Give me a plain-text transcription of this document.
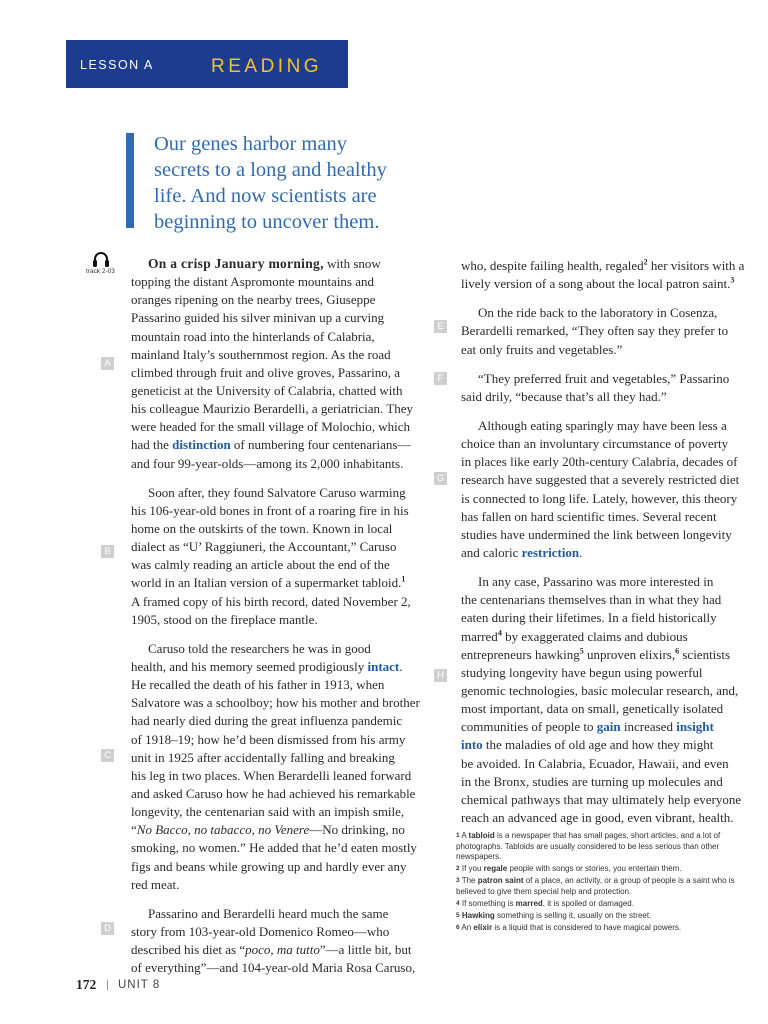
LESSON A	READING
Our genes harbor many
secrets to a long and healthy
life. And now scientists are
beginning to uncover them.
track 2-03
A
B
C
D
E
F
G
H
On a crisp January morning, with snow
topping the distant Aspromonte mountains and
oranges ripening on the nearby trees, Giuseppe
Passarino guided his silver minivan up a curving
mountain road into the hinterlands of Calabria,
mainland Italy’s southernmost region. As the road
climbed through fruit and olive groves, Passarino, a
geneticist at the University of Calabria, chatted with
his colleague Maurizio Berardelli, a geriatrician. They
were headed for the small village of Molochio, which
had the distinction of numbering four centenarians—
and four 99-year-olds—among its 2,000 inhabitants.
Soon after, they found Salvatore Caruso warming
his 106-year-old bones in front of a roaring fire in his
home on the outskirts of the town. Known in local
dialect as “U’ Raggiuneri, the Accountant,” Caruso
was calmly reading an article about the end of the
world in an Italian version of a supermarket tabloid.$^1$
A framed copy of his birth record, dated November 2,
1905, stood on the fireplace mantle.
Caruso told the researchers he was in good
health, and his memory seemed prodigiously intact.
He recalled the death of his father in 1913, when
Salvatore was a schoolboy; how his mother and brother
had nearly died during the great influenza pandemic
of 1918–19; how he’d been dismissed from his army
unit in 1925 after accidentally falling and breaking
his leg in two places. When Berardelli leaned forward
and asked Caruso how he had achieved his remarkable
longevity, the centenarian said with an impish smile,
“No Bacco, no tabacco, no Venere—No drinking, no
smoking, no women.” He added that he’d eaten mostly
figs and beans while growing up and hardly ever any
red meat.
Passarino and Berardelli heard much the same
story from 103-year-old Domenico Romeo—who
described his diet as “poco, ma tutto”—a little bit, but
of everything”—and 104-year-old Maria Rosa Caruso,
who, despite failing health, regaled$^2$ her visitors with a
lively version of a song about the local patron saint.$^3$
On the ride back to the laboratory in Cosenza,
Berardelli remarked, “They often say they prefer to
eat only fruits and vegetables.”
“They preferred fruit and vegetables,” Passarino
said drily, “because that’s all they had.”
Although eating sparingly may have been less a
choice than an involuntary circumstance of poverty
in places like early 20th-century Calabria, decades of
research have suggested that a severely restricted diet
is connected to long life. Lately, however, this theory
has fallen on hard scientific times. Several recent
studies have undermined the link between longevity
and caloric restriction.
In any case, Passarino was more interested in
the centenarians themselves than in what they had
eaten during their lifetimes. In a field historically
marred$^4$ by exaggerated claims and dubious
entrepreneurs hawking$^5$ unproven elixirs,$^6$ scientists
studying longevity have begun using powerful
genomic technologies, basic molecular research, and,
most important, data on small, genetically isolated
communities of people to gain increased insight
into the maladies of old age and how they might
be avoided. In Calabria, Ecuador, Hawaii, and even
in the Bronx, studies are turning up molecules and
chemical pathways that may ultimately help everyone
reach an advanced age in good, even vibrant, health.
$^1$ A tabloid is a newspaper that has small pages, short articles, and a lot of photographs. Tabloids are usually considered to be less serious than other newspapers.
$^2$ If you regale people with songs or stories, you entertain them.
$^3$ The patron saint of a place, an activity, or a group of people is a saint who is believed to give them special help and protection.
$^4$ If something is marred, it is spoiled or damaged.
$^5$ Hawking something is selling it, usually on the street.
$^6$ An elixir is a liquid that is considered to have magical powers.
172 | UNIT 8
